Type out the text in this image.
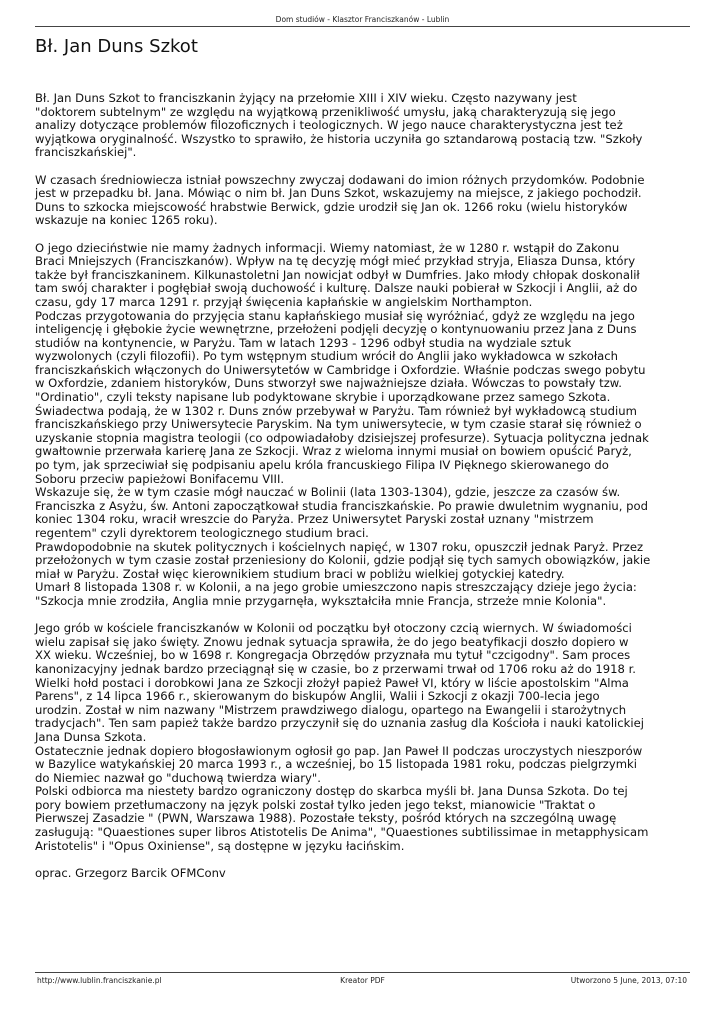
Dom studiów - Klasztor Franciszkanów - Lublin
Bł. Jan Duns Szkot

Bł. Jan Duns Szkot to franciszkanin żyjący na przełomie XIII i XIV wieku. Często nazywany jest
"doktorem subtelnym" ze względu na wyjątkową przenikliwość umysłu, jaką charakteryzują się jego
analizy dotyczące problemów filozoficznych i teologicznych. W jego nauce charakterystyczna jest też
wyjątkowa oryginalność. Wszystko to sprawiło, że historia uczyniła go sztandarową postacią tzw. "Szkoły
franciszkańskiej".

W czasach średniowiecza istniał powszechny zwyczaj dodawani do imion różnych przydomków. Podobnie
jest w przepadku bł. Jana. Mówiąc o nim bł. Jan Duns Szkot, wskazujemy na miejsce, z jakiego pochodził.
Duns to szkocka miejscowość hrabstwie Berwick, gdzie urodził się Jan ok. 1266 roku (wielu historyków
wskazuje na koniec 1265 roku).

O jego dzieciństwie nie mamy żadnych informacji. Wiemy natomiast, że w 1280 r. wstąpił do Zakonu
Braci Mniejszych (Franciszkanów). Wpływ na tę decyzję mógł mieć przykład stryja, Eliasza Dunsa, który
także był franciszkaninem. Kilkunastoletni Jan nowicjat odbył w Dumfries. Jako młody chłopak doskonalił
tam swój charakter i pogłębiał swoją duchowość i kulturę. Dalsze nauki pobierał w Szkocji i Anglii, aż do
czasu, gdy 17 marca 1291 r. przyjął święcenia kapłańskie w angielskim Northampton.
Podczas przygotowania do przyjęcia stanu kapłańskiego musiał się wyróżniać, gdyż ze względu na jego
inteligencję i głębokie życie wewnętrzne, przełożeni podjęli decyzję o kontynuowaniu przez Jana z Duns
studiów na kontynencie, w Paryżu. Tam w latach 1293 - 1296 odbył studia na wydziale sztuk
wyzwolonych (czyli filozofii). Po tym wstępnym studium wrócił do Anglii jako wykładowca w szkołach
franciszkańskich włączonych do Uniwersytetów w Cambridge i Oxfordzie. Właśnie podczas swego pobytu
w Oxfordzie, zdaniem historyków, Duns stworzył swe najważniejsze działa. Wówczas to powstały tzw.
"Ordinatio", czyli teksty napisane lub podyktowane skrybie i uporządkowane przez samego Szkota.
Świadectwa podają, że w 1302 r. Duns znów przebywał w Paryżu. Tam również był wykładowcą studium
franciszkańskiego przy Uniwersytecie Paryskim. Na tym uniwersytecie, w tym czasie starał się również o
uzyskanie stopnia magistra teologii (co odpowiadałoby dzisiejszej profesurze). Sytuacja polityczna jednak
gwałtownie przerwała karierę Jana ze Szkocji. Wraz z wieloma innymi musiał on bowiem opuścić Paryż,
po tym, jak sprzeciwiał się podpisaniu apelu króla francuskiego Filipa IV Pięknego skierowanego do
Soboru przeciw papieżowi Bonifacemu VIII.
Wskazuje się, że w tym czasie mógł nauczać w Bolinii (lata 1303-1304), gdzie, jeszcze za czasów św.
Franciszka z Asyżu, św. Antoni zapoczątkował studia franciszkańskie. Po prawie dwuletnim wygnaniu, pod
koniec 1304 roku, wracił wreszcie do Paryża. Przez Uniwersytet Paryski został uznany "mistrzem
regentem" czyli dyrektorem teologicznego studium braci.
Prawdopodobnie na skutek politycznych i kościelnych napięć, w 1307 roku, opuszcził jednak Paryż. Przez
przełożonych w tym czasie został przeniesiony do Kolonii, gdzie podjął się tych samych obowiązków, jakie
miał w Paryżu. Został więc kierownikiem studium braci w pobliżu wielkiej gotyckiej katedry.
Umarł 8 listopada 1308 r. w Kolonii, a na jego grobie umieszczono napis streszczający dzieje jego życia:
"Szkocja mnie zrodziła, Anglia mnie przygarnęła, wykształciła mnie Francja, strzeże mnie Kolonia".

Jego grób w kościele franciszkanów w Kolonii od początku był otoczony czcią wiernych. W świadomości
wielu zapisał się jako święty. Znowu jednak sytuacja sprawiła, że do jego beatyfikacji doszło dopiero w
XX wieku. Wcześniej, bo w 1698 r. Kongregacja Obrzędów przyznała mu tytuł "czcigodny". Sam proces
kanonizacyjny jednak bardzo przeciągnął się w czasie, bo z przerwami trwał od 1706 roku aż do 1918 r.
Wielki hołd postaci i dorobkowi Jana ze Szkocji złożył papież Paweł VI, który w liście apostolskim "Alma
Parens", z 14 lipca 1966 r., skierowanym do biskupów Anglii, Walii i Szkocji z okazji 700-lecia jego
urodzin. Został w nim nazwany "Mistrzem prawdziwego dialogu, opartego na Ewangelii i starożytnych
tradycjach". Ten sam papież także bardzo przyczynił się do uznania zasług dla Kościoła i nauki katolickiej
Jana Dunsa Szkota.
Ostatecznie jednak dopiero błogosławionym ogłosił go pap. Jan Paweł II podczas uroczystych nieszporów
w Bazylice watykańskiej 20 marca 1993 r., a wcześniej, bo 15 listopada 1981 roku, podczas pielgrzymki
do Niemiec nazwał go "duchową twierdza wiary".
Polski odbiorca ma niestety bardzo ograniczony dostęp do skarbca myśli bł. Jana Dunsa Szkota. Do tej
pory bowiem przetłumaczony na język polski został tylko jeden jego tekst, mianowicie "Traktat o
Pierwszej Zasadzie " (PWN, Warszawa 1988). Pozostałe teksty, pośród których na szczególną uwagę
zasługują: "Quaestiones super libros Atistotelis De Anima", "Quaestiones subtilissimae in metapphysicam
Aristotelis" i "Opus Oxiniense", są dostępne w języku łacińskim.

oprac. Grzegorz Barcik OFMConv

http://www.lublin.franciszkanie.pl	Kreator PDF	Utworzono 5 June, 2013, 07:10
